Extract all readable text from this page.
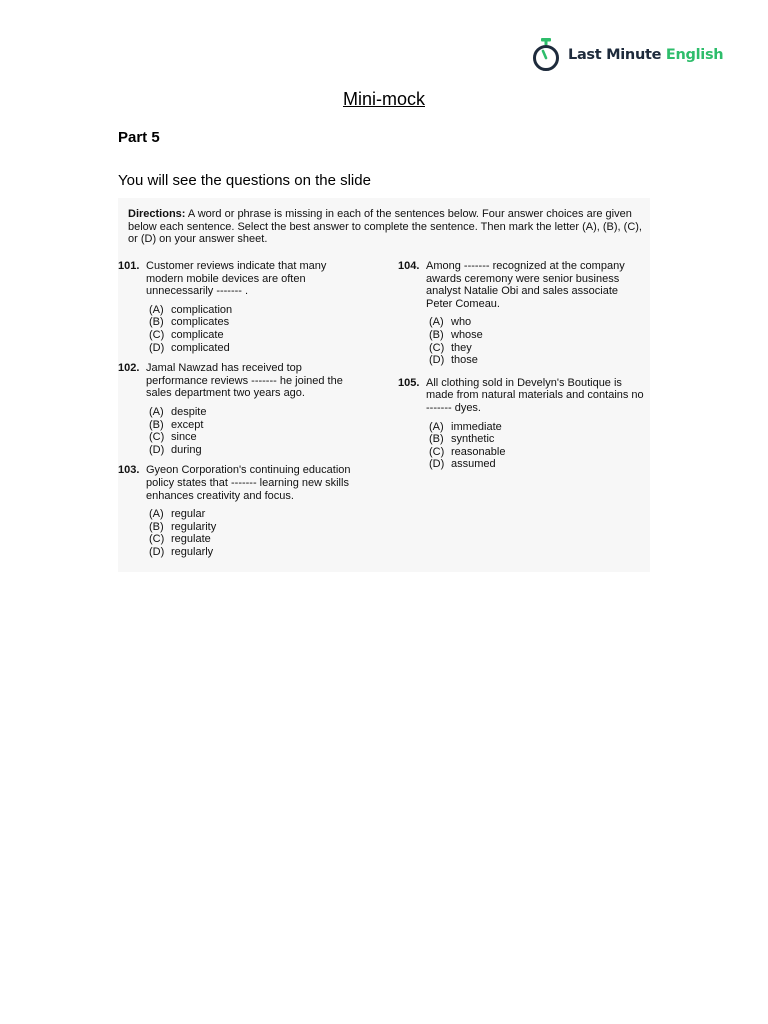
Last Minute English
Mini-mock
Part 5
You will see the questions on the slide
Directions: A word or phrase is missing in each of the sentences below. Four answer choices are given below each sentence. Select the best answer to complete the sentence. Then mark the letter (A), (B), (C), or (D) on your answer sheet.
101. Customer reviews indicate that many modern mobile devices are often unnecessarily ------- .
(A) complication
(B) complicates
(C) complicate
(D) complicated
102. Jamal Nawzad has received top performance reviews ------- he joined the sales department two years ago.
(A) despite
(B) except
(C) since
(D) during
103. Gyeon Corporation's continuing education policy states that ------- learning new skills enhances creativity and focus.
(A) regular
(B) regularity
(C) regulate
(D) regularly
104. Among ------- recognized at the company awards ceremony were senior business analyst Natalie Obi and sales associate Peter Comeau.
(A) who
(B) whose
(C) they
(D) those
105. All clothing sold in Develyn's Boutique is made from natural materials and contains no ------- dyes.
(A) immediate
(B) synthetic
(C) reasonable
(D) assumed
